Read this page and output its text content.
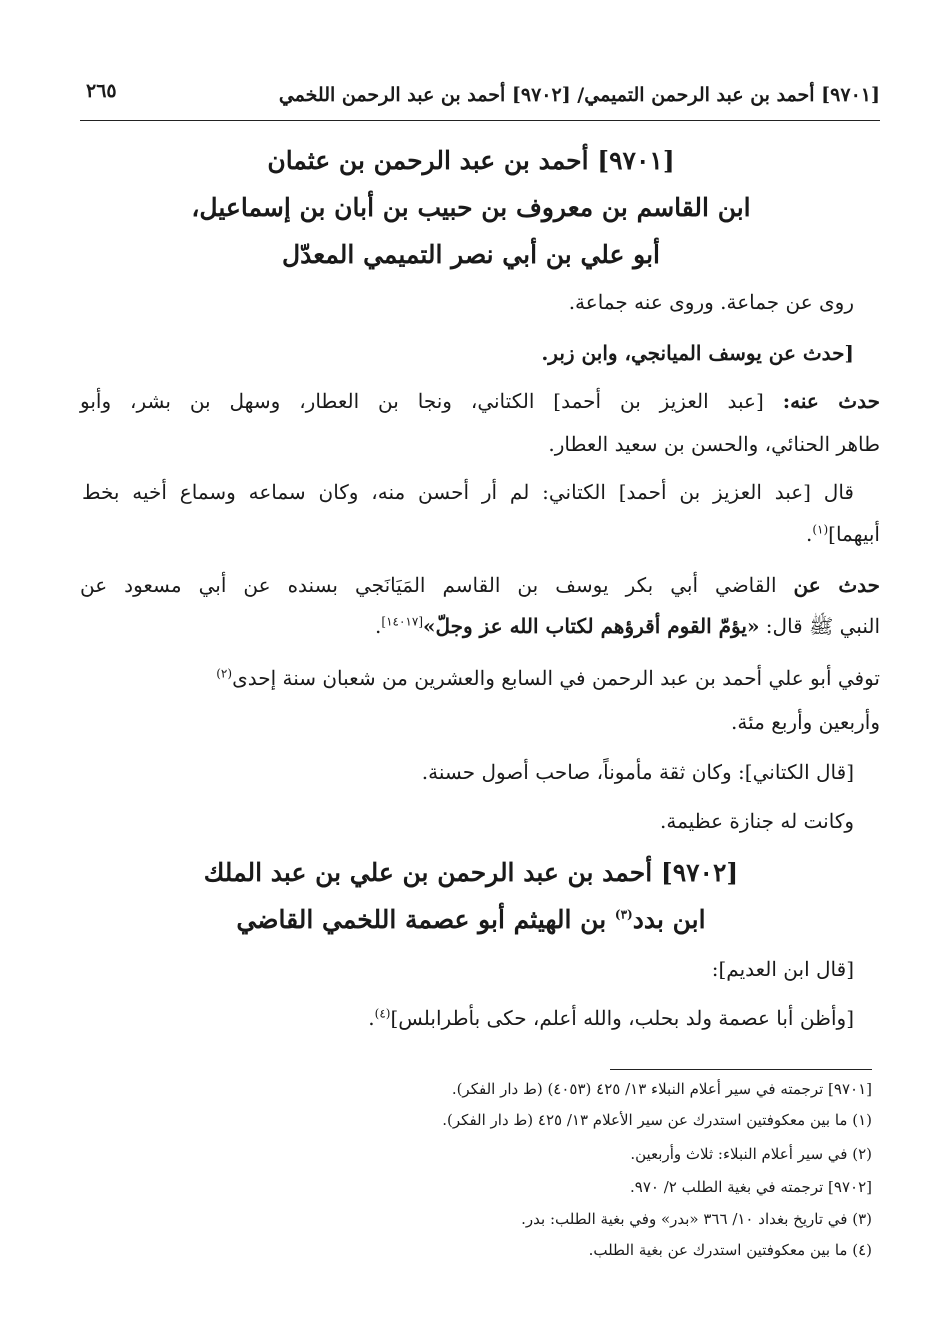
[٩٧٠١] أحمد بن عبد الرحمن التميمي/ [٩٧٠٢] أحمد بن عبد الرحمن اللخمي
٢٦٥
[٩٧٠١] أحمد بن عبد الرحمن بن عثمان
ابن القاسم بن معروف بن حبيب بن أبان بن إسماعيل،
أبو علي بن أبي نصر التميمي المعدّل
روى عن جماعة. وروى عنه جماعة.
[حدث عن يوسف الميانجي، وابن زبر.
حدث عنه: [عبد العزيز بن أحمد] الكتاني، ونجا بن العطار، وسهل بن بشر، وأبو
طاهر الحنائي، والحسن بن سعيد العطار.
قال [عبد العزيز بن أحمد] الكتاني: لم أر أحسن منه، وكان سماعه وسماع أخيه بخط
أبيهما]$^{(١)}$.
حدث عن القاضي أبي بكر يوسف بن القاسم المَيَانَجي بسنده عن أبي مسعود عن
النبي ﷺ قال: «يؤمّ القوم أقرؤهم لكتاب الله عز وجلّ»[١٤٠١٧].
توفي أبو علي أحمد بن عبد الرحمن في السابع والعشرين من شعبان سنة إحدى$^{(٢)}$
وأربعين وأربع مئة.
[قال الكتاني]: وكان ثقة مأموناً، صاحب أصول حسنة.
وكانت له جنازة عظيمة.
[٩٧٠٢] أحمد بن عبد الرحمن بن علي بن عبد الملك
ابن بدد$^{(٣)}$ بن الهيثم أبو عصمة اللخمي القاضي
[قال ابن العديم]:
[وأظن أبا عصمة ولد بحلب، والله أعلم، حكى بأطرابلس]$^{(٤)}$.
[٩٧٠١] ترجمته في سير أعلام النبلاء ١٣/ ٤٢٥ (٤٠٥٣) (ط دار الفكر).
(١) ما بين معكوفتين استدرك عن سير الأعلام ١٣/ ٤٢٥ (ط دار الفكر).
(٢) في سير أعلام النبلاء: ثلاث وأربعين.
[٩٧٠٢] ترجمته في بغية الطلب ٢/ ٩٧٠.
(٣) في تاريخ بغداد ١٠/ ٣٦٦ «بدر» وفي بغية الطلب: بدر.
(٤) ما بين معكوفتين استدرك عن بغية الطلب.
